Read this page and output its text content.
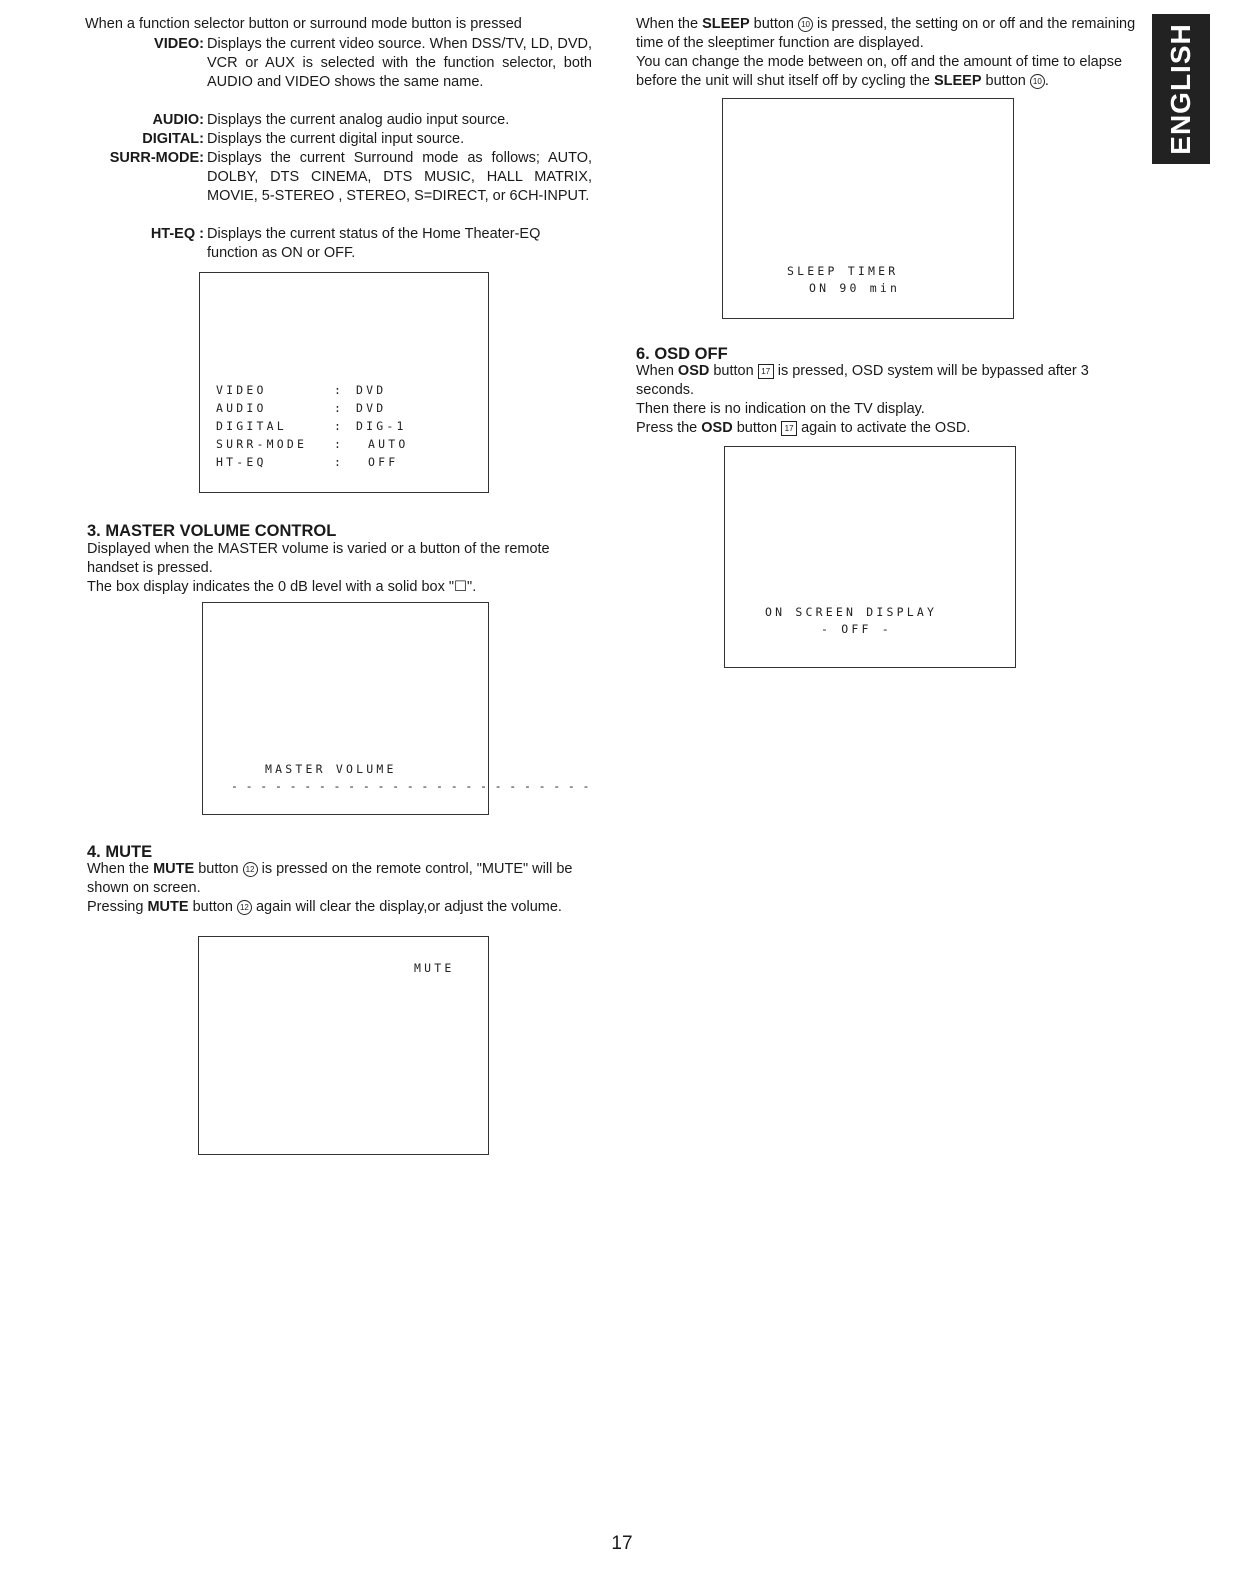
When a function selector button or surround mode button is pressed
VIDEO: Displays the current video source. When DSS/TV, LD, DVD, VCR or AUX is selected with the function selector, both AUDIO and VIDEO shows the same name.
AUDIO: Displays the current analog audio input source.
DIGITAL: Displays the current digital input source.
SURR-MODE: Displays the current Surround mode as follows; AUTO, DOLBY, DTS CINEMA, DTS MUSIC, HALL MATRIX, MOVIE, 5-STEREO , STEREO, S=DIRECT, or 6CH-INPUT.
HT-EQ : Displays the current status of the Home Theater-EQ function as ON or OFF.
VIDEO	: DVD
AUDIO	: DVD
DIGITAL	: DIG-1
SURR-MODE : AUTO
HT-EQ	: OFF
3. MASTER VOLUME CONTROL
Displayed when the MASTER volume is varied or a button of the remote handset is pressed.
The box display indicates the 0 dB level with a solid box "☐".
MASTER VOLUME
- - - - - - - - - - - - - - - - - - - - - - - - -
4. MUTE
When the MUTE button 12 is pressed on the remote control, "MUTE" will be shown on screen.
Pressing MUTE button 12 again will clear the display,or adjust the volume.
MUTE
When the SLEEP button 10 is pressed, the setting on or off and the remaining time of the sleeptimer function are displayed.
You can change the mode between on, off and the amount of time to elapse before the unit will shut itself off by cycling the SLEEP button 10 .
SLEEP TIMER
ON 90 min
6. OSD OFF
When OSD button 17 is pressed, OSD system will be bypassed after 3 seconds.
Then there is no indication on the TV display.
Press the OSD button 17 again to activate the OSD.
ON SCREEN DISPLAY
- OFF -
ENGLISH
17
